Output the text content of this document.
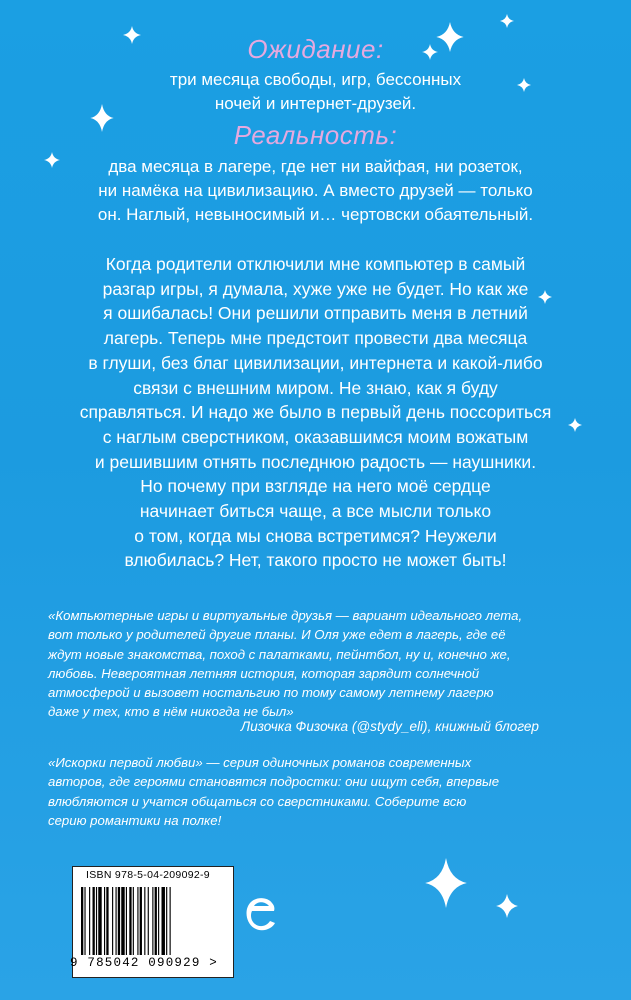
Ожидание:
три месяца свободы, игр, бессонных
ночей и интернет-друзей.
Реальность:
два месяца в лагере, где нет ни вайфая, ни розеток,
ни намёка на цивилизацию. А вместо друзей — только
он. Наглый, невыносимый и… чертовски обаятельный.
Когда родители отключили мне компьютер в самый
разгар игры, я думала, хуже уже не будет. Но как же
я ошибалась! Они решили отправить меня в летний
лагерь. Теперь мне предстоит провести два месяца
в глуши, без благ цивилизации, интернета и какой-либо
связи с внешним миром. Не знаю, как я буду
справляться. И надо же было в первый день поссориться
с наглым сверстником, оказавшимся моим вожатым
и решившим отнять последнюю радость — наушники.
Но почему при взгляде на него моё сердце
начинает биться чаще, а все мысли только
о том, когда мы снова встретимся? Неужели
влюбилась? Нет, такого просто не может быть!
«Компьютерные игры и виртуальные друзья — вариант идеального лета,
вот только у родителей другие планы. И Оля уже едет в лагерь, где её
ждут новые знакомства, поход с палатками, пейнтбол, ну и, конечно же,
любовь. Невероятная летняя история, которая зарядит солнечной
атмосферой и вызовет ностальгию по тому самому летнему лагерю
даже у тех, кто в нём никогда не был»
Лизочка Физочка (@stydy_eli), книжный блогер
«Искорки первой любви» — серия одиночных романов современных
авторов, где героями становятся подростки: они ищут себя, впервые
влюбляются и учатся общаться со сверстниками. Соберите всю
серию романтики на полке!
ISBN 978-5-04-209092-9
9 785042 090929 >
